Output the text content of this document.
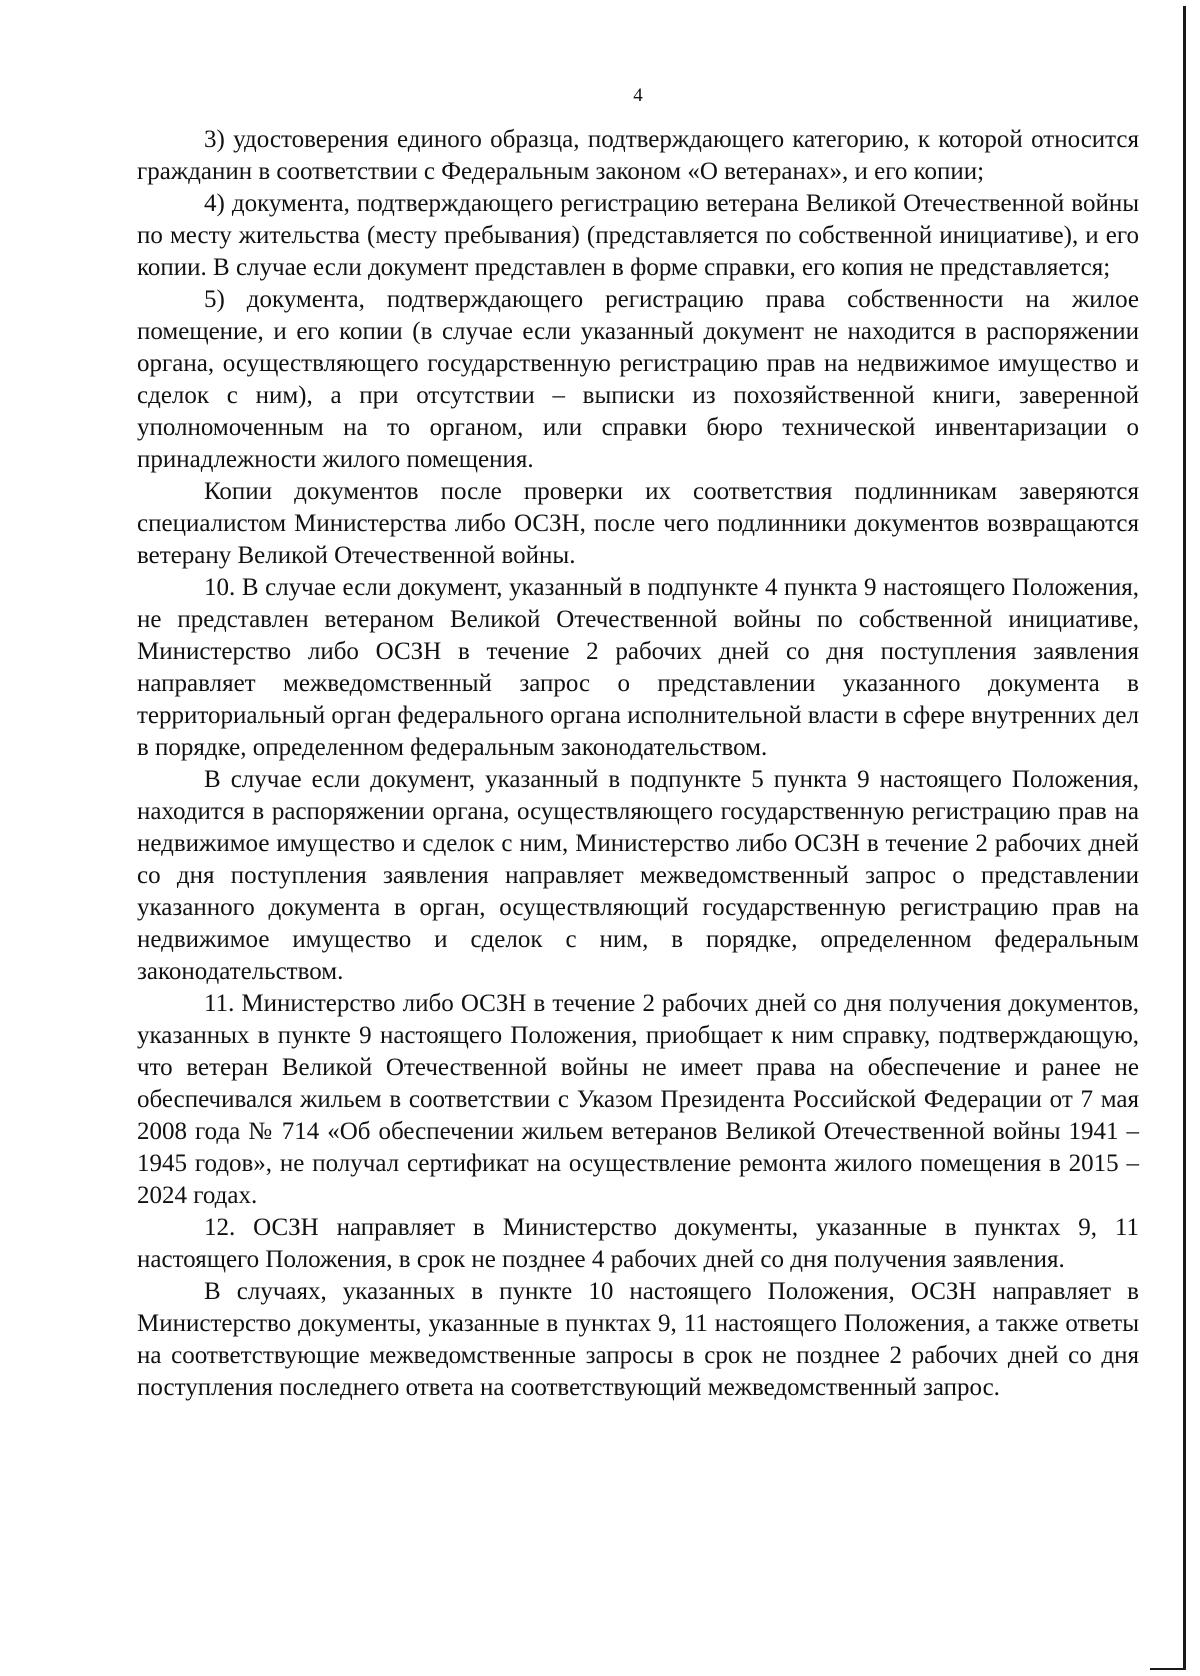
4

3) удостоверения единого образца, подтверждающего категорию, к которой относится гражданин в соответствии с Федеральным законом «О ветеранах», и его копии;

4) документа, подтверждающего регистрацию ветерана Великой Отечественной войны по месту жительства (месту пребывания) (представляется по собственной инициативе), и его копии. В случае если документ представлен в форме справки, его копия не представляется;

5) документа, подтверждающего регистрацию права собственности на жилое помещение, и его копии (в случае если указанный документ не находится в распоряжении органа, осуществляющего государственную регистрацию прав на недвижимое имущество и сделок с ним), а при отсутствии – выписки из похозяйственной книги, заверенной уполномоченным на то органом, или справки бюро технической инвентаризации о принадлежности жилого помещения.

Копии документов после проверки их соответствия подлинникам заверяются специалистом Министерства либо ОСЗН, после чего подлинники документов возвращаются ветерану Великой Отечественной войны.

10. В случае если документ, указанный в подпункте 4 пункта 9 настоящего Положения, не представлен ветераном Великой Отечественной войны по собственной инициативе, Министерство либо ОСЗН в течение 2 рабочих дней со дня поступления заявления направляет межведомственный запрос о представлении указанного документа в территориальный орган федерального органа исполнительной власти в сфере внутренних дел в порядке, определенном федеральным законодательством.

В случае если документ, указанный в подпункте 5 пункта 9 настоящего Положения, находится в распоряжении органа, осуществляющего государственную регистрацию прав на недвижимое имущество и сделок с ним, Министерство либо ОСЗН в течение 2 рабочих дней со дня поступления заявления направляет межведомственный запрос о представлении указанного документа в орган, осуществляющий государственную регистрацию прав на недвижимое имущество и сделок с ним, в порядке, определенном федеральным законодательством.

11. Министерство либо ОСЗН в течение 2 рабочих дней со дня получения документов, указанных в пункте 9 настоящего Положения, приобщает к ним справку, подтверждающую, что ветеран Великой Отечественной войны не имеет права на обеспечение и ранее не обеспечивался жильем в соответствии с Указом Президента Российской Федерации от 7 мая 2008 года № 714 «Об обеспечении жильем ветеранов Великой Отечественной войны 1941 – 1945 годов», не получал сертификат на осуществление ремонта жилого помещения в 2015 – 2024 годах.

12. ОСЗН направляет в Министерство документы, указанные в пунктах 9, 11 настоящего Положения, в срок не позднее 4 рабочих дней со дня получения заявления.

В случаях, указанных в пункте 10 настоящего Положения, ОСЗН направляет в Министерство документы, указанные в пунктах 9, 11 настоящего Положения, а также ответы на соответствующие межведомственные запросы в срок не позднее 2 рабочих дней со дня поступления последнего ответа на соответствующий межведомственный запрос.
